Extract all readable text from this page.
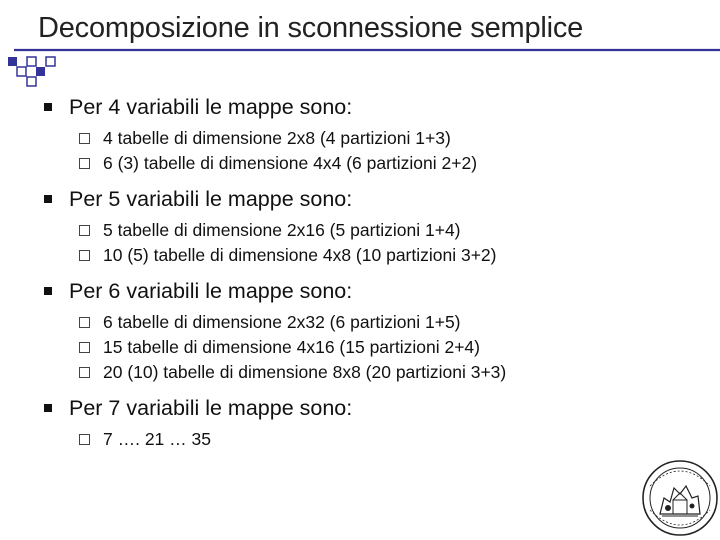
Decomposizione in sconnessione semplice
Per 4 variabili le mappe sono:
4 tabelle di dimensione 2x8 (4 partizioni 1+3)
6 (3) tabelle di dimensione 4x4 (6 partizioni 2+2)
Per 5 variabili le mappe sono:
5 tabelle di dimensione 2x16 (5 partizioni 1+4)
10 (5) tabelle di dimensione 4x8 (10 partizioni 3+2)
Per 6 variabili le mappe sono:
6 tabelle di dimensione 2x32 (6 partizioni 1+5)
15 tabelle di dimensione 4x16 (15 partizioni 2+4)
20 (10) tabelle di dimensione 8x8 (20 partizioni 3+3)
Per 7 variabili le mappe sono:
7 …. 21 … 35
